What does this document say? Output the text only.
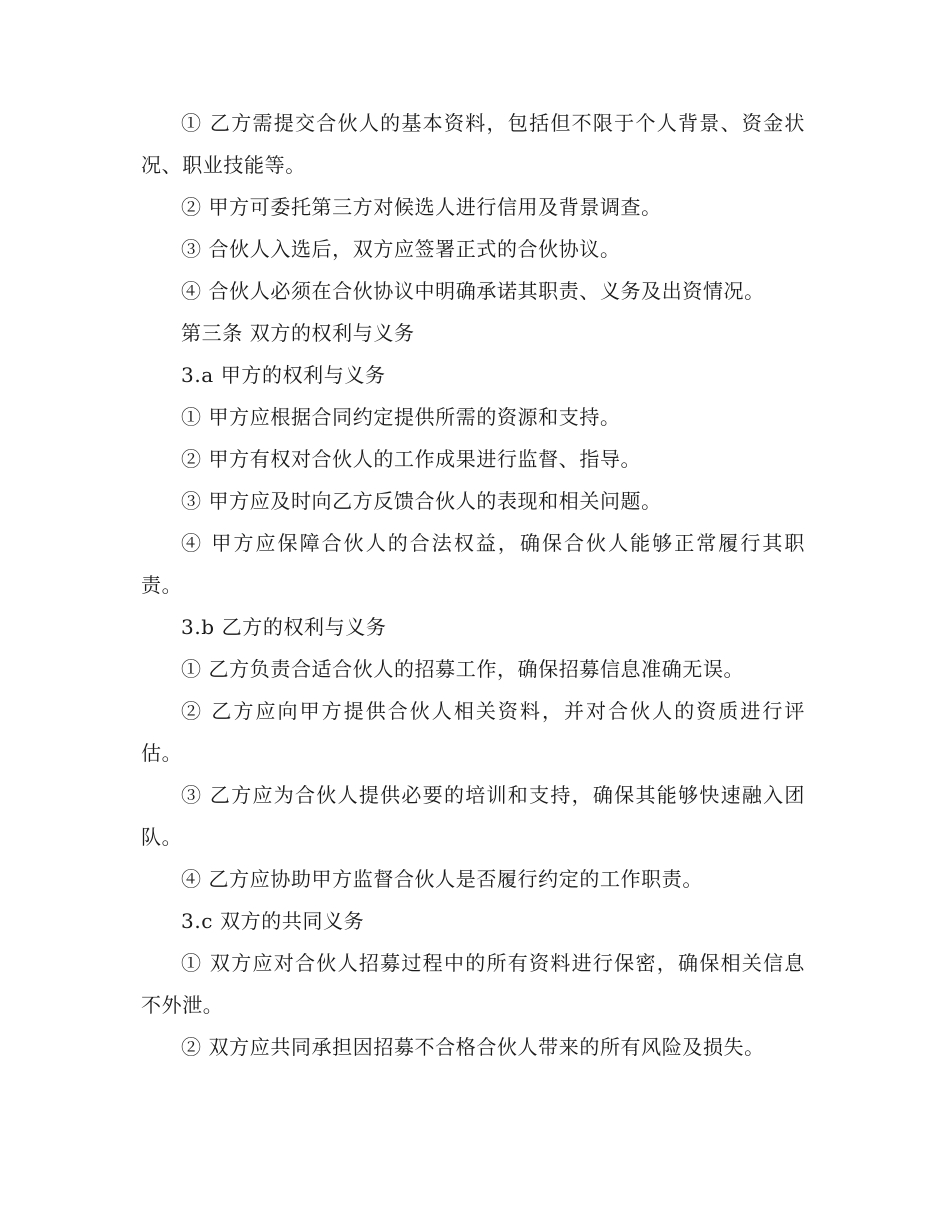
① 乙方需提交合伙人的基本资料，包括但不限于个人背景、资金状况、职业技能等。

② 甲方可委托第三方对候选人进行信用及背景调查。

③ 合伙人入选后，双方应签署正式的合伙协议。

④ 合伙人必须在合伙协议中明确承诺其职责、义务及出资情况。

第三条 双方的权利与义务

3.a 甲方的权利与义务

① 甲方应根据合同约定提供所需的资源和支持。

② 甲方有权对合伙人的工作成果进行监督、指导。

③ 甲方应及时向乙方反馈合伙人的表现和相关问题。

④ 甲方应保障合伙人的合法权益，确保合伙人能够正常履行其职责。

3.b 乙方的权利与义务

① 乙方负责合适合伙人的招募工作，确保招募信息准确无误。

② 乙方应向甲方提供合伙人相关资料，并对合伙人的资质进行评估。

③ 乙方应为合伙人提供必要的培训和支持，确保其能够快速融入团队。

④ 乙方应协助甲方监督合伙人是否履行约定的工作职责。

3.c 双方的共同义务

① 双方应对合伙人招募过程中的所有资料进行保密，确保相关信息不外泄。

② 双方应共同承担因招募不合格合伙人带来的所有风险及损失。
